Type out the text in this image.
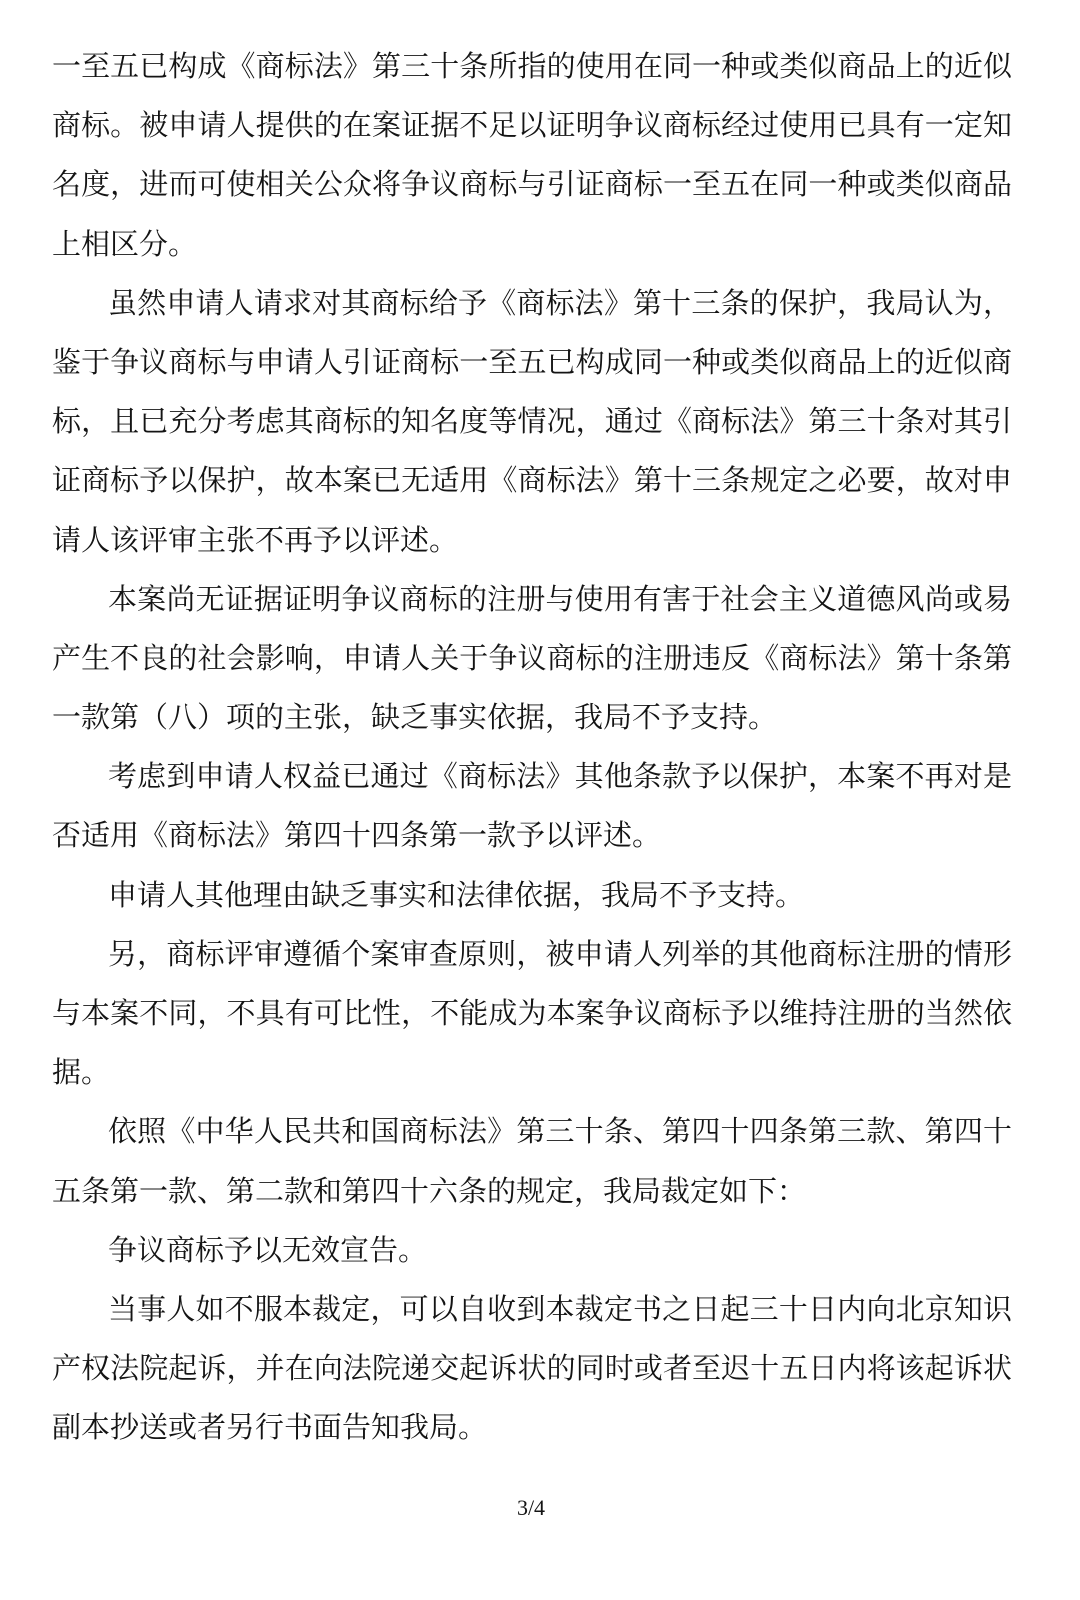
一至五已构成《商标法》第三十条所指的使用在同一种或类似商品上的近似
商标。被申请人提供的在案证据不足以证明争议商标经过使用已具有一定知
名度，进而可使相关公众将争议商标与引证商标一至五在同一种或类似商品
上相区分。
虽然申请人请求对其商标给予《商标法》第十三条的保护，我局认为，
鉴于争议商标与申请人引证商标一至五已构成同一种或类似商品上的近似商
标，且已充分考虑其商标的知名度等情况，通过《商标法》第三十条对其引
证商标予以保护，故本案已无适用《商标法》第十三条规定之必要，故对申
请人该评审主张不再予以评述。
本案尚无证据证明争议商标的注册与使用有害于社会主义道德风尚或易
产生不良的社会影响，申请人关于争议商标的注册违反《商标法》第十条第
一款第（八）项的主张，缺乏事实依据，我局不予支持。
考虑到申请人权益已通过《商标法》其他条款予以保护，本案不再对是
否适用《商标法》第四十四条第一款予以评述。
申请人其他理由缺乏事实和法律依据，我局不予支持。
另，商标评审遵循个案审查原则，被申请人列举的其他商标注册的情形
与本案不同，不具有可比性，不能成为本案争议商标予以维持注册的当然依
据。
依照《中华人民共和国商标法》第三十条、第四十四条第三款、第四十
五条第一款、第二款和第四十六条的规定，我局裁定如下：
争议商标予以无效宣告。
当事人如不服本裁定，可以自收到本裁定书之日起三十日内向北京知识
产权法院起诉，并在向法院递交起诉状的同时或者至迟十五日内将该起诉状
副本抄送或者另行书面告知我局。
3/4
